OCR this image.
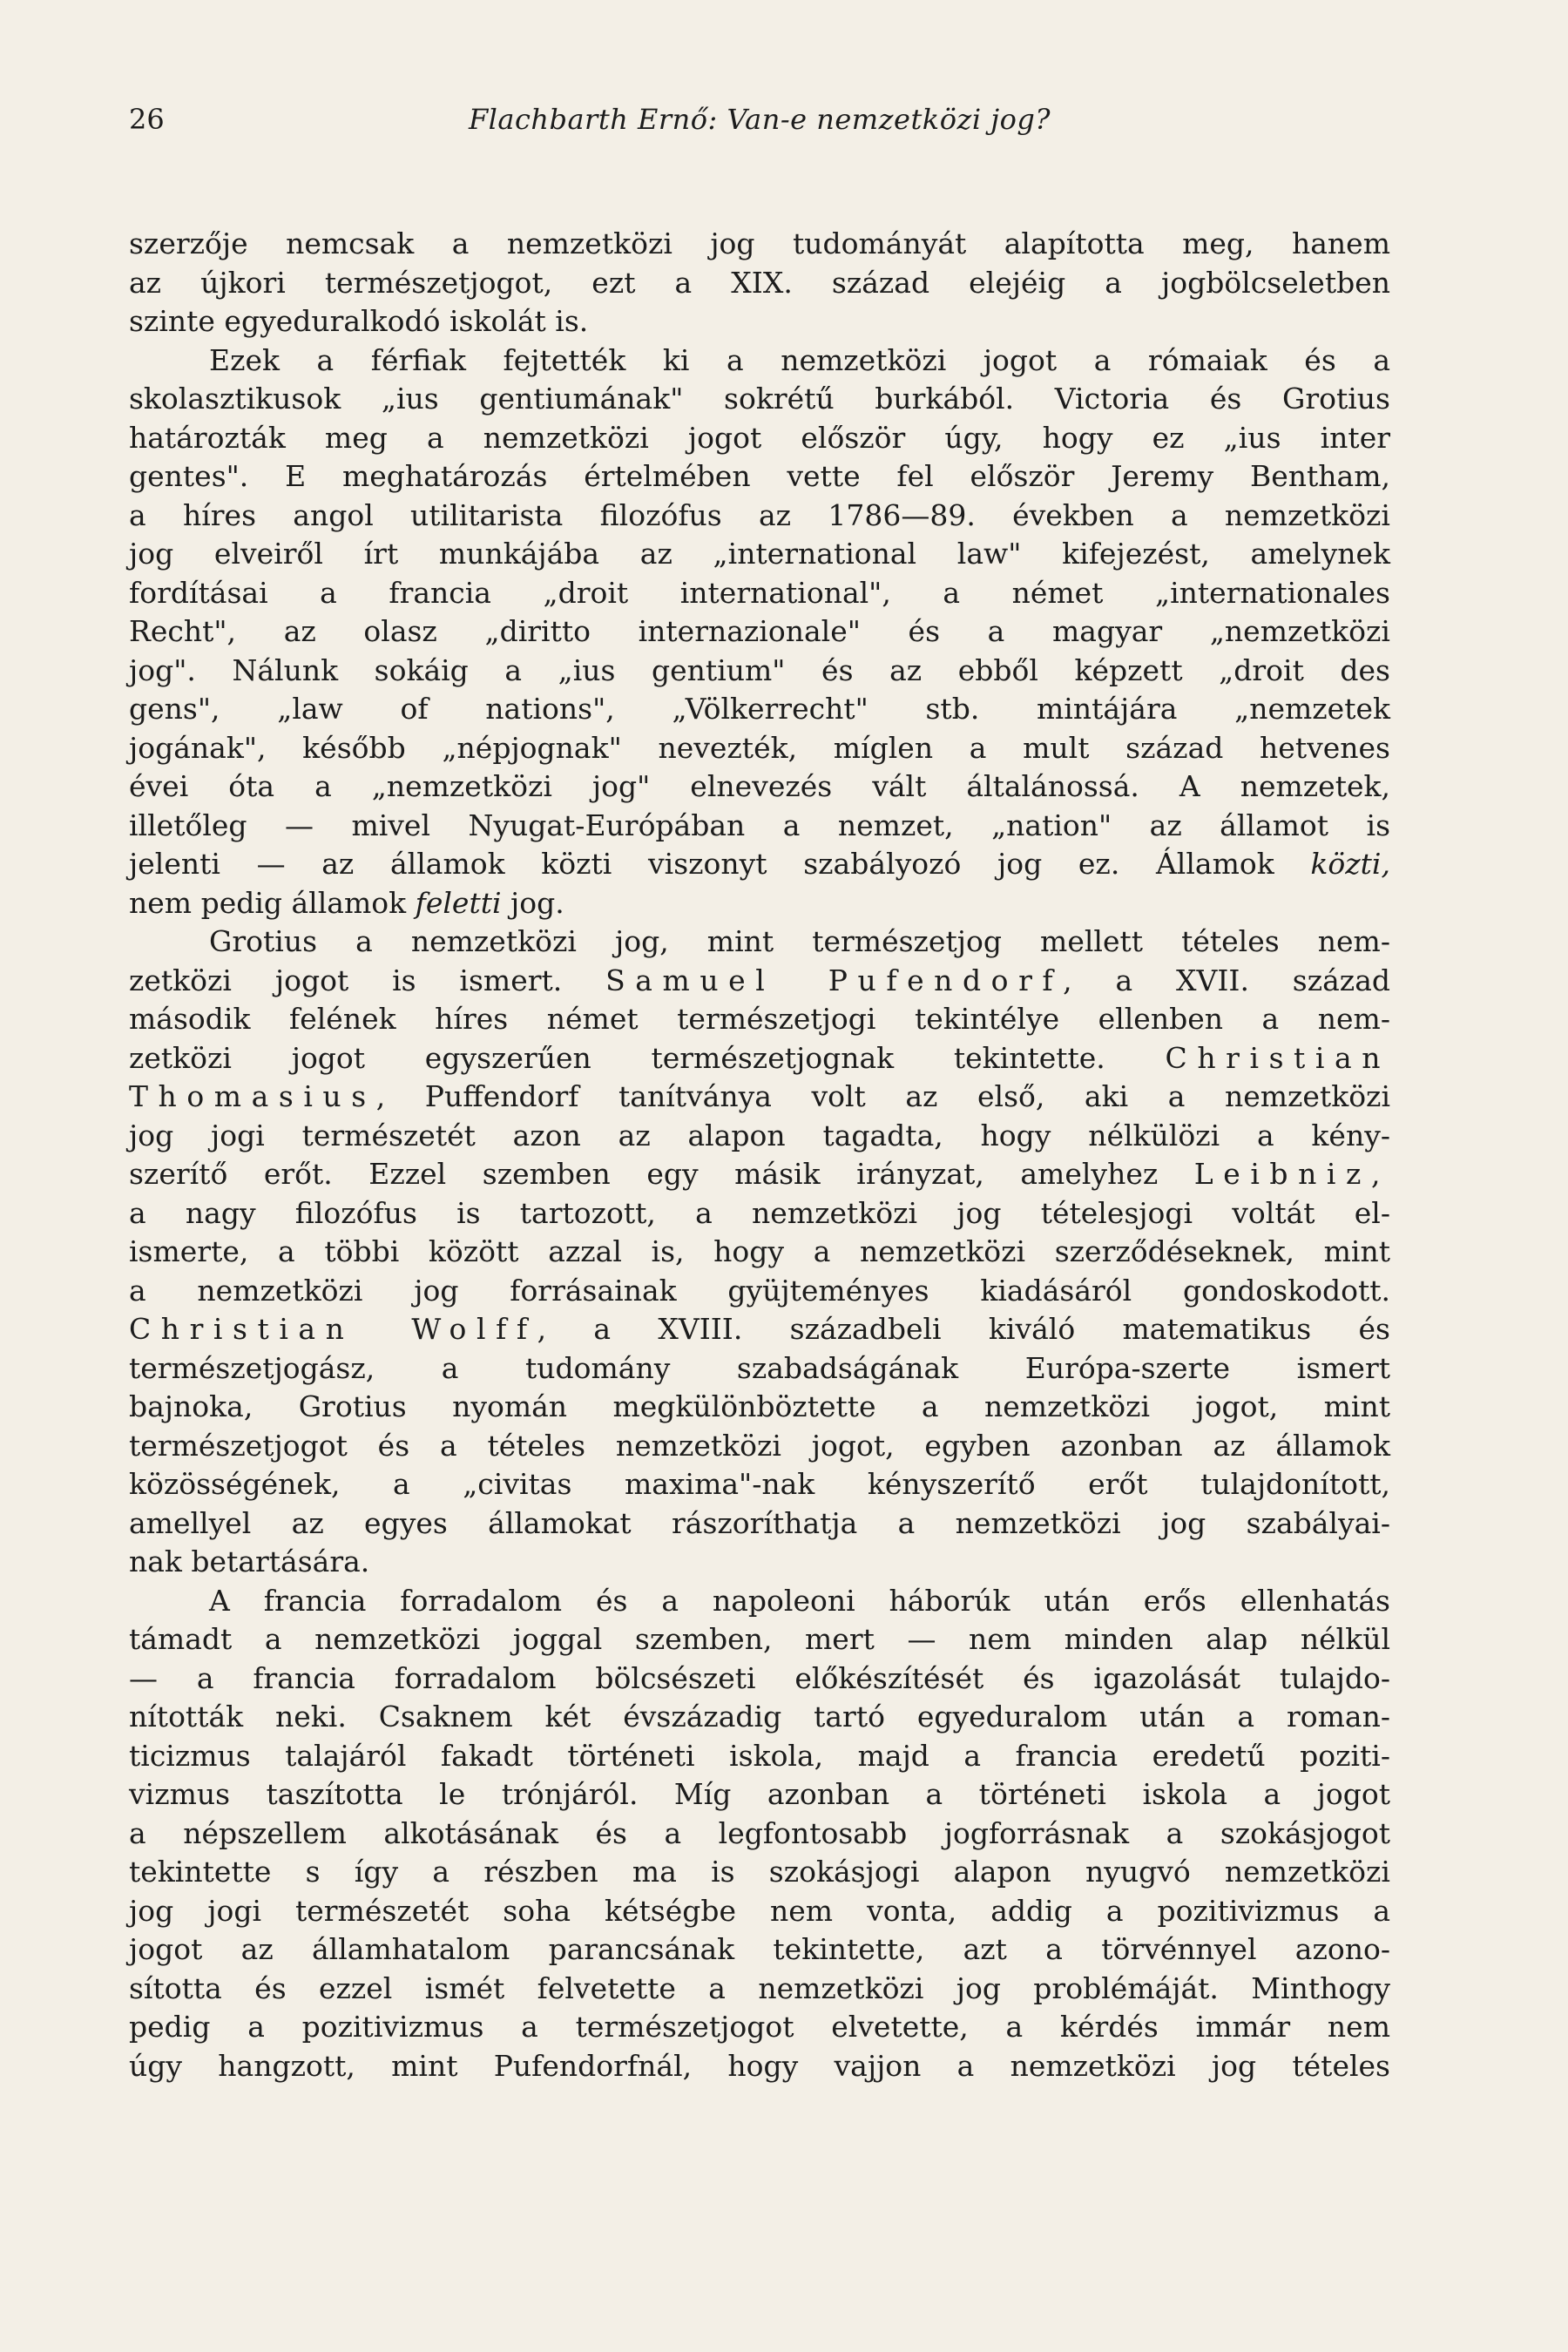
26	Flachbarth Ernő: Van-e nemzetközi jog?
szerzője nemcsak a nemzetközi jog tudományát alapította meg, hanem
az újkori természetjogot, ezt a XIX. század elejéig a jogbölcseletben
szinte egyeduralkodó iskolát is.
Ezek a férfiak fejtették ki a nemzetközi jogot a rómaiak és a
skolasztikusok „ius gentiumának" sokrétű burkából. Victoria és Grotius
határozták meg a nemzetközi jogot először úgy, hogy ez „ius inter
gentes". E meghatározás értelmében vette fel először Jeremy Bentham,
a híres angol utilitarista filozófus az 1786—89. években a nemzetközi
jog elveiről írt munkájába az „international law" kifejezést, amelynek
fordításai a francia „droit international", a német „internationales
Recht", az olasz „diritto internazionale" és a magyar „nemzetközi
jog". Nálunk sokáig a „ius gentium" és az ebből képzett „droit des
gens", „law of nations", „Völkerrecht" stb. mintájára „nemzetek
jogának", később „népjognak" nevezték, míglen a mult század hetvenes
évei óta a „nemzetközi jog" elnevezés vált általánossá. A nemzetek,
illetőleg — mivel Nyugat-Európában a nemzet, „nation" az államot is
jelenti — az államok közti viszonyt szabályozó jog ez. Államok közti,
nem pedig államok feletti jog.
Grotius a nemzetközi jog, mint természetjog mellett tételes nem-
zetközi jogot is ismert. Samuel Pufendorf, a XVII. század
második felének híres német természetjogi tekintélye ellenben a nem-
zetközi jogot egyszerűen természetjognak tekintette. Christian
Thomasius, Puffendorf tanítványa volt az első, aki a nemzetközi
jog jogi természetét azon az alapon tagadta, hogy nélkülözi a kény-
szerítő erőt. Ezzel szemben egy másik irányzat, amelyhez Leibniz,
a nagy filozófus is tartozott, a nemzetközi jog tételesjogi voltát el-
ismerte, a többi között azzal is, hogy a nemzetközi szerződéseknek, mint
a nemzetközi jog forrásainak gyüjteményes kiadásáról gondoskodott.
Christian Wolff, a XVIII. századbeli kiváló matematikus és
természetjogász, a tudomány szabadságának Európa-szerte ismert
bajnoka, Grotius nyomán megkülönböztette a nemzetközi jogot, mint
természetjogot és a tételes nemzetközi jogot, egyben azonban az államok
közösségének, a „civitas maxima"-nak kényszerítő erőt tulajdonított,
amellyel az egyes államokat rászoríthatja a nemzetközi jog szabályai-
nak betartására.
A francia forradalom és a napoleoni háborúk után erős ellenhatás
támadt a nemzetközi joggal szemben, mert — nem minden alap nélkül
— a francia forradalom bölcsészeti előkészítését és igazolását tulajdo-
nították neki. Csaknem két évszázadig tartó egyeduralom után a roman-
ticizmus talajáról fakadt történeti iskola, majd a francia eredetű poziti-
vizmus taszította le trónjáról. Míg azonban a történeti iskola a jogot
a népszellem alkotásának és a legfontosabb jogforrásnak a szokásjogot
tekintette s így a részben ma is szokásjogi alapon nyugvó nemzetközi
jog jogi természetét soha kétségbe nem vonta, addig a pozitivizmus a
jogot az államhatalom parancsának tekintette, azt a törvénnyel azono-
sította és ezzel ismét felvetette a nemzetközi jog problémáját. Minthogy
pedig a pozitivizmus a természetjogot elvetette, a kérdés immár nem
úgy hangzott, mint Pufendorfnál, hogy vajjon a nemzetközi jog tételes
